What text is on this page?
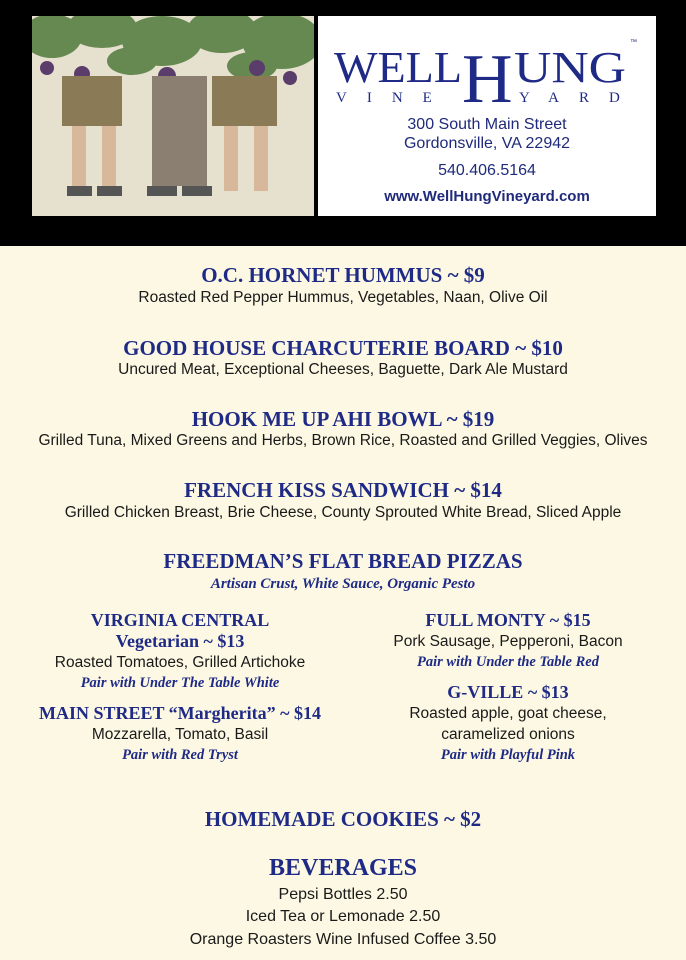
WELL H UNG
™
VINE	YARD
300 South Main Street
Gordonsville, VA 22942
540.406.5164
www.WellHungVineyard.com
O.C. HORNET HUMMUS ~ $9
Roasted Red Pepper Hummus, Vegetables, Naan, Olive Oil
GOOD HOUSE CHARCUTERIE BOARD ~ $10
Uncured Meat, Exceptional Cheeses, Baguette, Dark Ale Mustard
HOOK ME UP AHI BOWL ~ $19
Grilled Tuna, Mixed Greens and Herbs, Brown Rice, Roasted and Grilled Veggies, Olives
FRENCH KISS SANDWICH ~ $14
Grilled Chicken Breast, Brie Cheese, County Sprouted White Bread, Sliced Apple
FREEDMAN’S FLAT BREAD PIZZAS
Artisan Crust, White Sauce, Organic Pesto
VIRGINIA CENTRAL
Vegetarian ~ $13
Roasted Tomatoes, Grilled Artichoke
Pair with Under The Table White
MAIN STREET “Margherita” ~ $14
Mozzarella, Tomato, Basil
Pair with Red Tryst
FULL MONTY ~ $15
Pork Sausage, Pepperoni, Bacon
Pair with Under the Table Red
G-VILLE ~ $13
Roasted apple, goat cheese,
caramelized onions
Pair with Playful Pink
HOMEMADE COOKIES ~ $2
BEVERAGES
Pepsi Bottles 2.50
Iced Tea or Lemonade 2.50
Orange Roasters Wine Infused Coffee 3.50
